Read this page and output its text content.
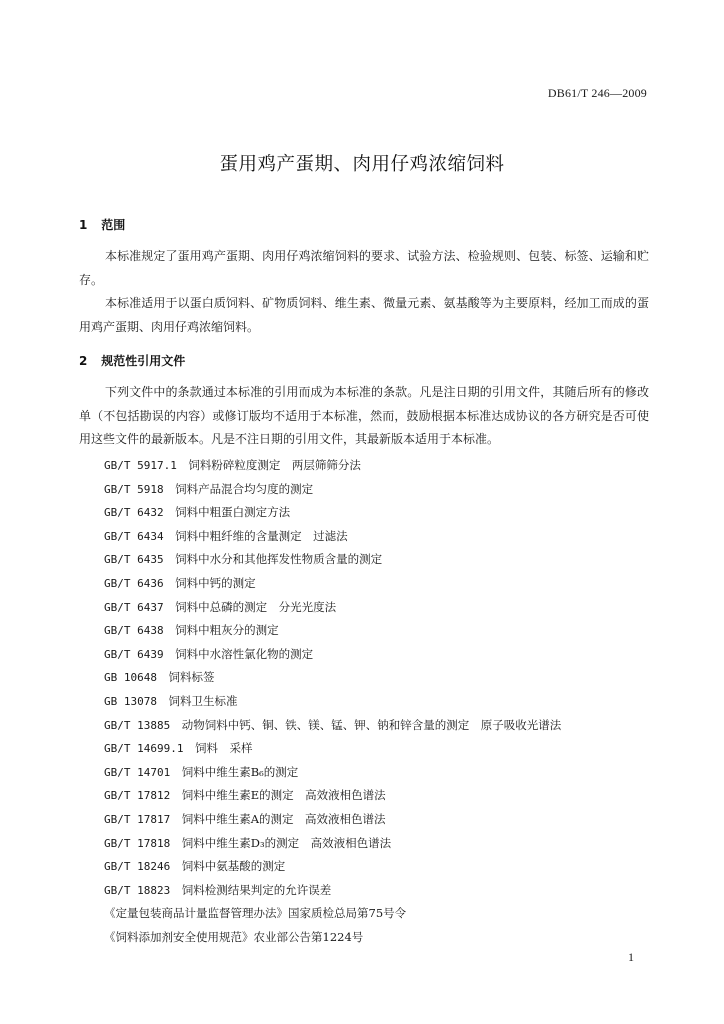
DB61/T 246—2009
蛋用鸡产蛋期、肉用仔鸡浓缩饲料
1 范围
本标准规定了蛋用鸡产蛋期、肉用仔鸡浓缩饲料的要求、试验方法、检验规则、包装、标签、运输和贮存。
本标准适用于以蛋白质饲料、矿物质饲料、维生素、微量元素、氨基酸等为主要原料，经加工而成的蛋用鸡产蛋期、肉用仔鸡浓缩饲料。
2 规范性引用文件
下列文件中的条款通过本标准的引用而成为本标准的条款。凡是注日期的引用文件，其随后所有的修改单（不包括勘误的内容）或修订版均不适用于本标准，然而，鼓励根据本标准达成协议的各方研究是否可使用这些文件的最新版本。凡是不注日期的引用文件，其最新版本适用于本标准。
GB/T 5917.1　 饲料粉碎粒度测定　两层筛筛分法
GB/T 5918　 饲料产品混合均匀度的测定
GB/T 6432　 饲料中粗蛋白测定方法
GB/T 6434　 饲料中粗纤维的含量测定　过滤法
GB/T 6435　 饲料中水分和其他挥发性物质含量的测定
GB/T 6436　 饲料中钙的测定
GB/T 6437　 饲料中总磷的测定　分光光度法
GB/T 6438　 饲料中粗灰分的测定
GB/T 6439　 饲料中水溶性氯化物的测定
GB 10648　 饲料标签
GB 13078　 饲料卫生标准
GB/T 13885　 动物饲料中钙、铜、铁、镁、锰、钾、钠和锌含量的测定　原子吸收光谱法
GB/T 14699.1　 饲料　采样
GB/T 14701　 饲料中维生素B₆的测定
GB/T 17812　 饲料中维生素E的测定　高效液相色谱法
GB/T 17817　 饲料中维生素A的测定　高效液相色谱法
GB/T 17818　 饲料中维生素D₃的测定　高效液相色谱法
GB/T 18246　 饲料中氨基酸的测定
GB/T 18823　 饲料检测结果判定的允许误差
《定量包装商品计量监督管理办法》国家质检总局第75号令
《饲料添加剂安全使用规范》农业部公告第1224号
1
